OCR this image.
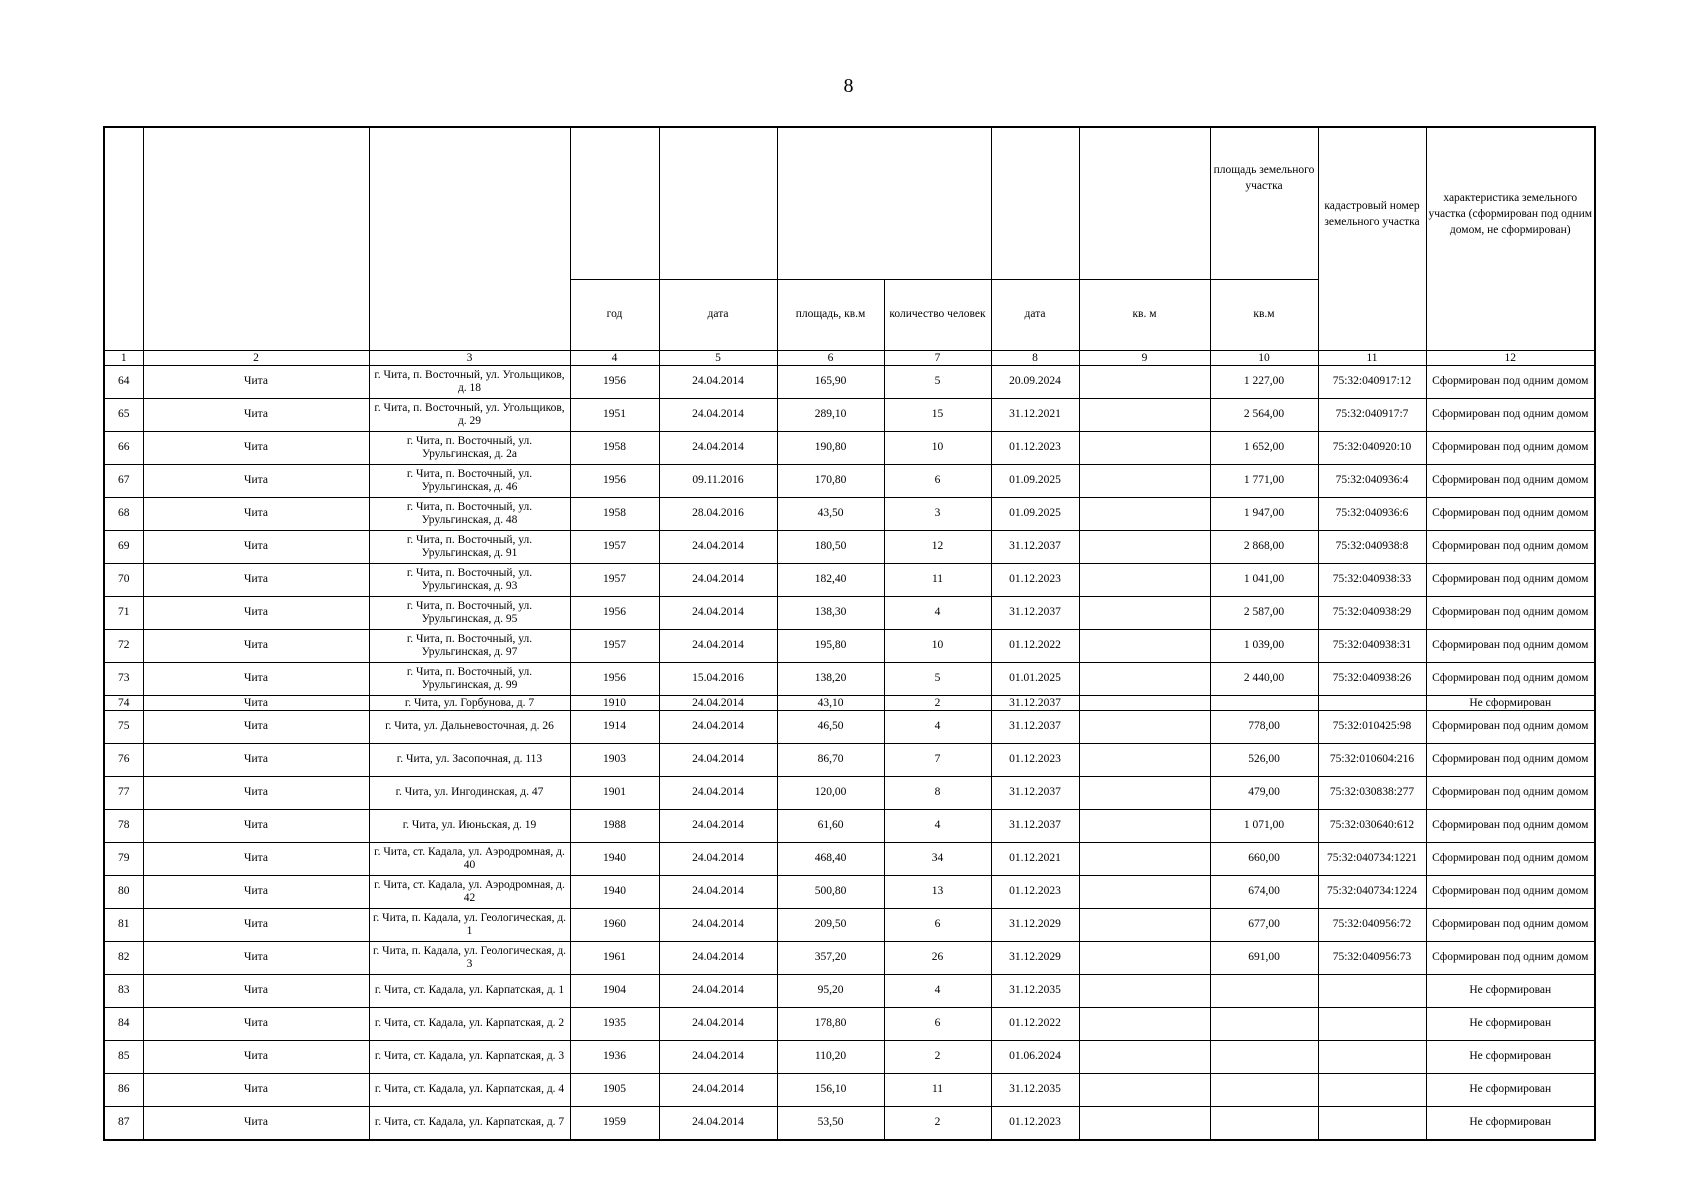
8
									площадь земельного участка	кадастровый номер земельного участка	характеристика земельного участка (сформирован под одним домом, не сформирован)
			год	дата	площадь, кв.м	количество человек	дата	кв. м	кв.м		
1	2	3	4	5	6	7	8	9	10	11	12
64	Чита	г. Чита, п. Восточный, ул. Угольщиков, д. 18	1956	24.04.2014	165,90	5	20.09.2024		1 227,00	75:32:040917:12	Сформирован под одним домом
65	Чита	г. Чита, п. Восточный, ул. Угольщиков, д. 29	1951	24.04.2014	289,10	15	31.12.2021		2 564,00	75:32:040917:7	Сформирован под одним домом
66	Чита	г. Чита, п. Восточный, ул. Урульгинская, д. 2а	1958	24.04.2014	190,80	10	01.12.2023		1 652,00	75:32:040920:10	Сформирован под одним домом
67	Чита	г. Чита, п. Восточный, ул. Урульгинская, д. 46	1956	09.11.2016	170,80	6	01.09.2025		1 771,00	75:32:040936:4	Сформирован под одним домом
68	Чита	г. Чита, п. Восточный, ул. Урульгинская, д. 48	1958	28.04.2016	43,50	3	01.09.2025		1 947,00	75:32:040936:6	Сформирован под одним домом
69	Чита	г. Чита, п. Восточный, ул. Урульгинская, д. 91	1957	24.04.2014	180,50	12	31.12.2037		2 868,00	75:32:040938:8	Сформирован под одним домом
70	Чита	г. Чита, п. Восточный, ул. Урульгинская, д. 93	1957	24.04.2014	182,40	11	01.12.2023		1 041,00	75:32:040938:33	Сформирован под одним домом
71	Чита	г. Чита, п. Восточный, ул. Урульгинская, д. 95	1956	24.04.2014	138,30	4	31.12.2037		2 587,00	75:32:040938:29	Сформирован под одним домом
72	Чита	г. Чита, п. Восточный, ул. Урульгинская, д. 97	1957	24.04.2014	195,80	10	01.12.2022		1 039,00	75:32:040938:31	Сформирован под одним домом
73	Чита	г. Чита, п. Восточный, ул. Урульгинская, д. 99	1956	15.04.2016	138,20	5	01.01.2025		2 440,00	75:32:040938:26	Сформирован под одним домом
74	Чита	г. Чита, ул. Горбунова, д. 7	1910	24.04.2014	43,10	2	31.12.2037				Не сформирован
75	Чита	г. Чита, ул. Дальневосточная, д. 26	1914	24.04.2014	46,50	4	31.12.2037		778,00	75:32:010425:98	Сформирован под одним домом
76	Чита	г. Чита, ул. Засопочная, д. 113	1903	24.04.2014	86,70	7	01.12.2023		526,00	75:32:010604:216	Сформирован под одним домом
77	Чита	г. Чита, ул. Ингодинская, д. 47	1901	24.04.2014	120,00	8	31.12.2037		479,00	75:32:030838:277	Сформирован под одним домом
78	Чита	г. Чита, ул. Июньская, д. 19	1988	24.04.2014	61,60	4	31.12.2037		1 071,00	75:32:030640:612	Сформирован под одним домом
79	Чита	г. Чита, ст. Кадала, ул. Аэродромная, д. 40	1940	24.04.2014	468,40	34	01.12.2021		660,00	75:32:040734:1221	Сформирован под одним домом
80	Чита	г. Чита, ст. Кадала, ул. Аэродромная, д. 42	1940	24.04.2014	500,80	13	01.12.2023		674,00	75:32:040734:1224	Сформирован под одним домом
81	Чита	г. Чита, п. Кадала, ул. Геологическая, д. 1	1960	24.04.2014	209,50	6	31.12.2029		677,00	75:32:040956:72	Сформирован под одним домом
82	Чита	г. Чита, п. Кадала, ул. Геологическая, д. 3	1961	24.04.2014	357,20	26	31.12.2029		691,00	75:32:040956:73	Сформирован под одним домом
83	Чита	г. Чита, ст. Кадала, ул. Карпатская, д. 1	1904	24.04.2014	95,20	4	31.12.2035				Не сформирован
84	Чита	г. Чита, ст. Кадала, ул. Карпатская, д. 2	1935	24.04.2014	178,80	6	01.12.2022				Не сформирован
85	Чита	г. Чита, ст. Кадала, ул. Карпатская, д. 3	1936	24.04.2014	110,20	2	01.06.2024				Не сформирован
86	Чита	г. Чита, ст. Кадала, ул. Карпатская, д. 4	1905	24.04.2014	156,10	11	31.12.2035				Не сформирован
87	Чита	г. Чита, ст. Кадала, ул. Карпатская, д. 7	1959	24.04.2014	53,50	2	01.12.2023				Не сформирован
